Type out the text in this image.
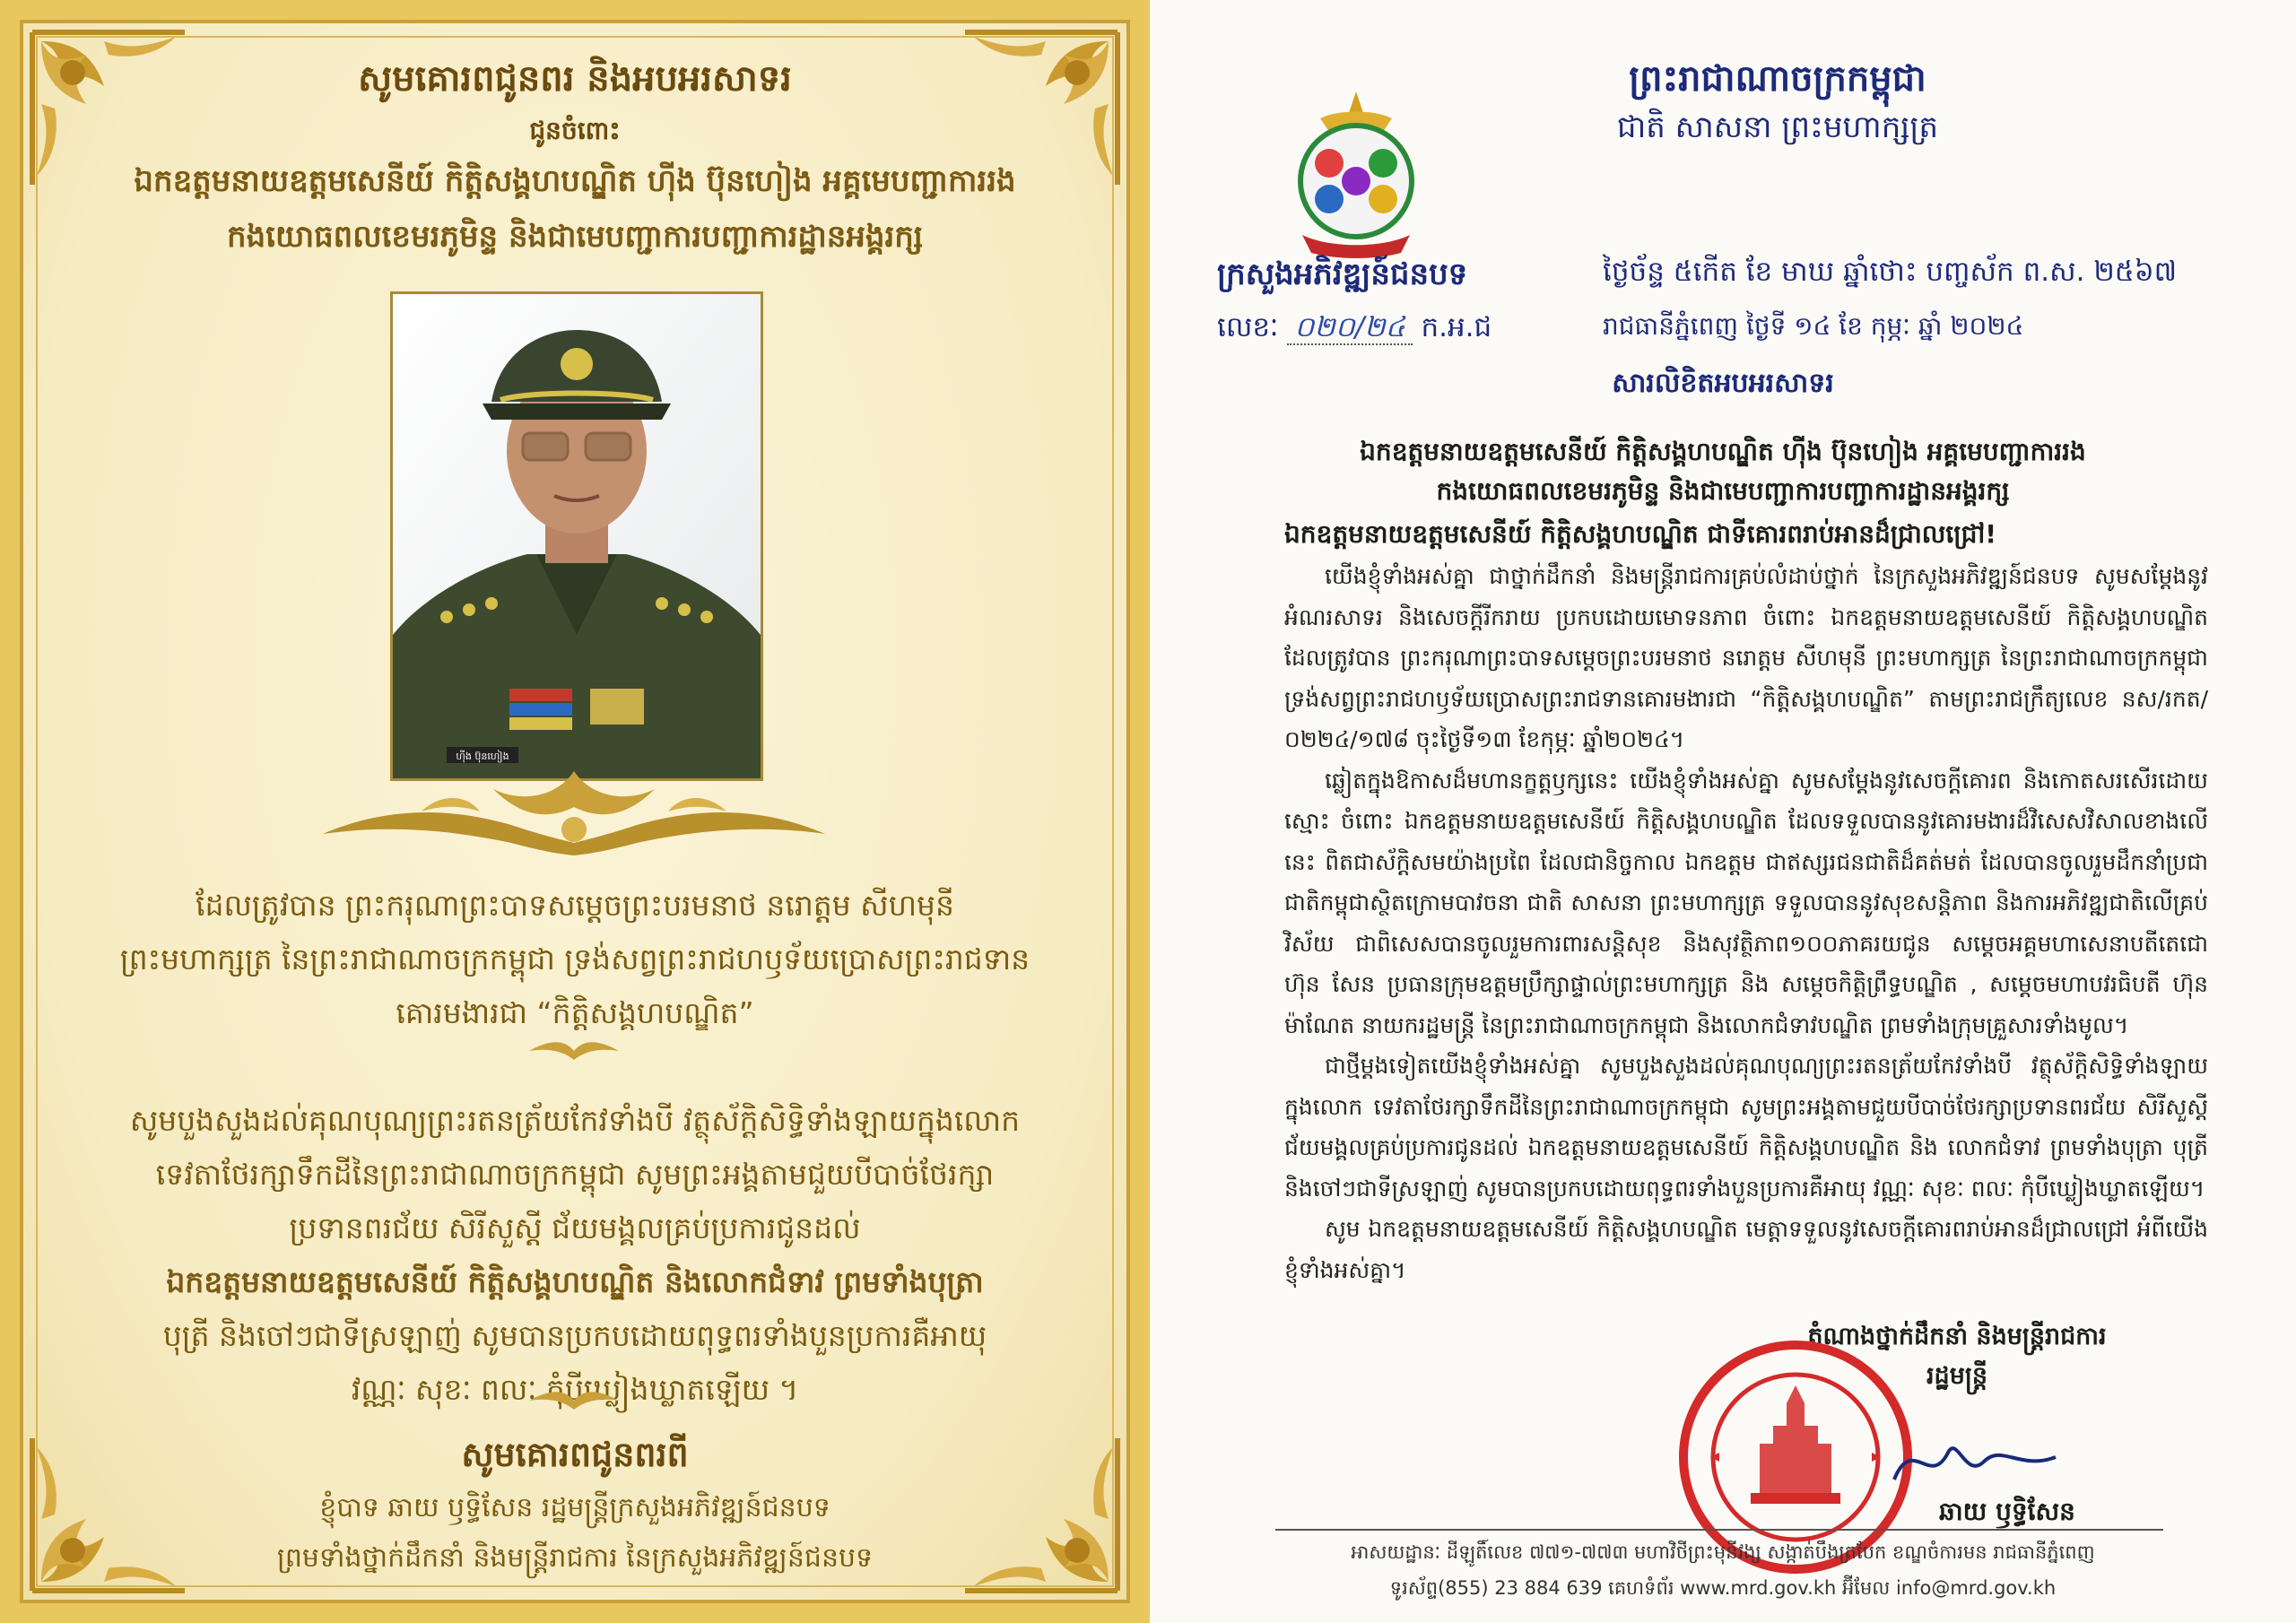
សូមគោរពជូនពរ និងអបអរសាទរ
ជូនចំពោះ
ឯកឧត្តមនាយឧត្តមសេនីយ៍ កិត្តិសង្គហបណ្ឌិត ហ៊ីង ប៊ុនហៀង អគ្គមេបញ្ជាការរង
កងយោធពលខេមរភូមិន្ទ និងជាមេបញ្ជាការបញ្ជាការដ្ឋានអង្គរក្ស
ហ៊ីង ប៊ុនហៀង
ដែលត្រូវបាន ព្រះករុណាព្រះបាទសម្តេចព្រះបរមនាថ នរោត្តម សីហមុនី
ព្រះមហាក្សត្រ នៃព្រះរាជាណាចក្រកម្ពុជា ទ្រង់សព្វព្រះរាជហឫទ័យប្រោសព្រះរាជទាន
គោរមងារជា “កិត្តិសង្គហបណ្ឌិត”
សូមបួងសួងដល់គុណបុណ្យព្រះរតនត្រ័យកែវទាំងបី វត្ថុស័ក្តិសិទ្ធិទាំងឡាយក្នុងលោក
ទេវតាថែរក្សាទឹកដីនៃព្រះរាជាណាចក្រកម្ពុជា សូមព្រះអង្គតាមជួយបីបាច់ថែរក្សា
ប្រទានពរជ័យ សិរីសួស្តី ជ័យមង្គលគ្រប់ប្រការជូនដល់
ឯកឧត្តមនាយឧត្តមសេនីយ៍ កិត្តិសង្គហបណ្ឌិត និងលោកជំទាវ ព្រមទាំងបុត្រា
បុត្រី និងចៅៗជាទីស្រឡាញ់ សូមបានប្រកបដោយពុទ្ធពរទាំងបួនប្រការគឺអាយុ
វណ្ណៈ សុខៈ ពលៈ កុំបីឃ្លៀងឃ្លាតឡើយ ។
សូមគោរពជូនពរពី
ខ្ញុំបាទ ឆាយ ឫទ្ធិសែន រដ្ឋមន្ត្រីក្រសួងអភិវឌ្ឍន៍ជនបទ
ព្រមទាំងថ្នាក់ដឹកនាំ និងមន្ត្រីរាជការ នៃក្រសួងអភិវឌ្ឍន៍ជនបទ
ព្រះរាជាណាចក្រកម្ពុជា
ជាតិ សាសនា ព្រះមហាក្សត្រ
ក្រសួងអភិវឌ្ឍន៍ជនបទ	ថ្ងៃច័ន្ទ ៥កើត ខែ មាឃ ឆ្នាំថោះ បញ្ចស័ក ព.ស. ២៥៦៧
លេខៈ ០២០/២៤ ក.អ.ជ	រាជធានីភ្នំពេញ ថ្ងៃទី ១៤ ខែ កុម្ភៈ ឆ្នាំ ២០២៤
សារលិខិតអបអរសាទរ
ឯកឧត្តមនាយឧត្តមសេនីយ៍ កិត្តិសង្គហបណ្ឌិត ហ៊ីង ប៊ុនហៀង អគ្គមេបញ្ជាការរង
កងយោធពលខេមរភូមិន្ទ និងជាមេបញ្ជាការបញ្ជាការដ្ឋានអង្គរក្ស
ឯកឧត្តមនាយឧត្តមសេនីយ៍ កិត្តិសង្គហបណ្ឌិត ជាទីគោរពរាប់អានដ៏ជ្រាលជ្រៅ!

យើងខ្ញុំទាំងអស់គ្នា ជាថ្នាក់ដឹកនាំ និងមន្ត្រីរាជការគ្រប់លំដាប់ថ្នាក់ នៃក្រសួងអភិវឌ្ឍន៍ជនបទ សូមសម្តែងនូវអំណរសាទរ និងសេចក្តីរីករាយ ប្រកបដោយមោទនភាព ចំពោះ ឯកឧត្តមនាយឧត្តមសេនីយ៍ កិត្តិសង្គហបណ្ឌិត ដែលត្រូវបាន ព្រះករុណាព្រះបាទសម្តេចព្រះបរមនាថ នរោត្តម សីហមុនី ព្រះមហាក្សត្រ នៃព្រះរាជាណាចក្រកម្ពុជា ទ្រង់សព្វព្រះរាជហឫទ័យប្រោសព្រះរាជទានគោរមងារជា “កិត្តិសង្គហបណ្ឌិត” តាមព្រះរាជក្រឹត្យលេខ នស/រកត/០២២៤/១៧៨ ចុះថ្ងៃទី១៣ ខែកុម្ភៈ ឆ្នាំ២០២៤។

ឆ្លៀតក្នុងឱកាសដ៏មហានក្ខត្តឫក្សនេះ យើងខ្ញុំទាំងអស់គ្នា សូមសម្តែងនូវសេចក្តីគោរព និងកោតសរសើរដោយស្មោះ ចំពោះ ឯកឧត្តមនាយឧត្តមសេនីយ៍ កិត្តិសង្គហបណ្ឌិត ដែលទទួលបាននូវគោរមងារដ៏វិសេសវិសាលខាងលើនេះ ពិតជាស័ក្តិសមយ៉ាងប្រពៃ ដែលជានិច្ចកាល ឯកឧត្តម ជាឥស្សរជនជាតិដ៏គត់មត់ ដែលបានចូលរួមដឹកនាំប្រជាជាតិកម្ពុជាស្ថិតក្រោមបាវចនា ជាតិ សាសនា ព្រះមហាក្សត្រ ទទួលបាននូវសុខសន្តិភាព និងការអភិវឌ្ឍជាតិលើគ្រប់វិស័យ ជាពិសេសបានចូលរួមការពារសន្តិសុខ និងសុវត្ថិភាព១០០ភាគរយជូន សម្តេចអគ្គមហាសេនាបតីតេជោ ហ៊ុន សែន ប្រធានក្រុមឧត្តមប្រឹក្សាផ្ទាល់ព្រះមហាក្សត្រ និង សម្តេចកិត្តិព្រឹទ្ធបណ្ឌិត , សម្តេចមហាបវរធិបតី ហ៊ុន ម៉ាណែត នាយករដ្ឋមន្ត្រី នៃព្រះរាជាណាចក្រកម្ពុជា និងលោកជំទាវបណ្ឌិត ព្រមទាំងក្រុមគ្រួសារទាំងមូល។

ជាថ្មីម្តងទៀតយើងខ្ញុំទាំងអស់គ្នា សូមបួងសួងដល់គុណបុណ្យព្រះរតនត្រ័យកែវទាំងបី វត្ថុស័ក្តិសិទ្ធិទាំងឡាយក្នុងលោក ទេវតាថែរក្សាទឹកដីនៃព្រះរាជាណាចក្រកម្ពុជា សូមព្រះអង្គតាមជួយបីបាច់ថែរក្សាប្រទានពរជ័យ សិរីសួស្តី ជ័យមង្គលគ្រប់ប្រការជូនដល់ ឯកឧត្តមនាយឧត្តមសេនីយ៍ កិត្តិសង្គហបណ្ឌិត និង លោកជំទាវ ព្រមទាំងបុត្រា បុត្រី និងចៅៗជាទីស្រឡាញ់ សូមបានប្រកបដោយពុទ្ធពរទាំងបួនប្រការគឺអាយុ វណ្ណៈ សុខៈ ពលៈ កុំបីឃ្លៀងឃ្លាតឡើយ។

សូម ឯកឧត្តមនាយឧត្តមសេនីយ៍ កិត្តិសង្គហបណ្ឌិត មេត្តាទទួលនូវសេចក្តីគោរពរាប់អានដ៏ជ្រាលជ្រៅ អំពីយើងខ្ញុំទាំងអស់គ្នា។

តំណាងថ្នាក់ដឹកនាំ និងមន្ត្រីរាជការ
រដ្ឋមន្ត្រី
ឆាយ ឫទ្ធិសែន
អាសយដ្ឋានៈ ដីឡូតិ៍លេខ ៧៧១-៧៧៣ មហាវិថីព្រះមុនីវង្ស សង្កាត់បឹងត្របែក ខណ្ឌចំការមន រាជធានីភ្នំពេញ
ទូរស័ព្ទ(855) 23 884 639 គេហទំព័រ www.mrd.gov.kh អ៊ីមែល info@mrd.gov.kh
